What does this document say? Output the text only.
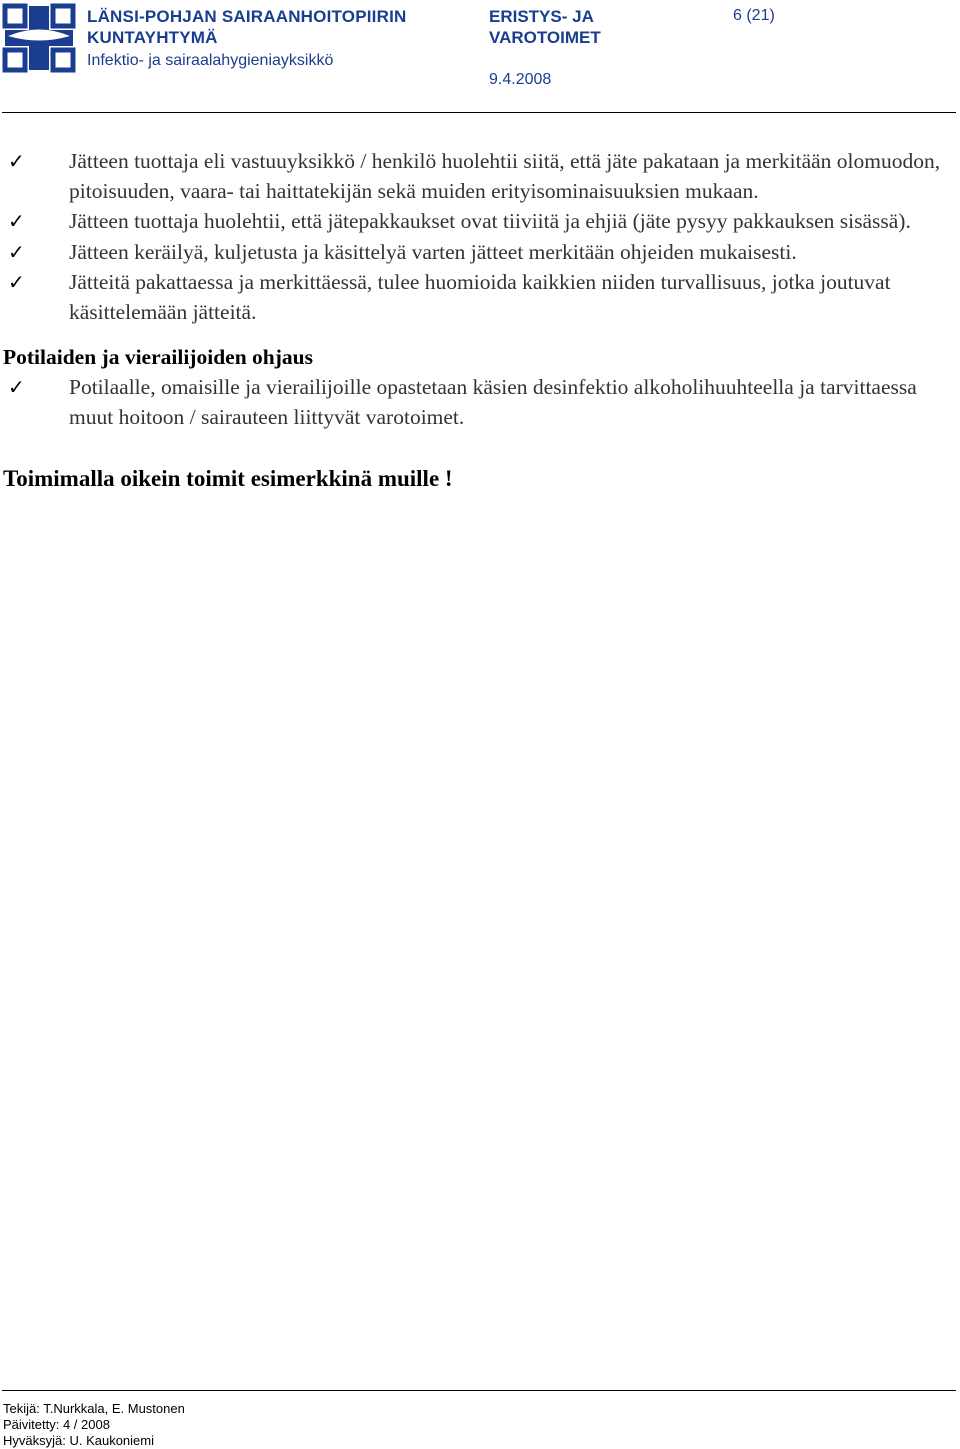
LÄNSI-POHJAN SAIRAANHOITOPIIRIN
KUNTAYHTYMÄ
Infektio- ja sairaalahygieniayksikkö
ERISTYS- JA
VAROTOIMET
9.4.2008
6 (21)
✓ Jätteen tuottaja eli vastuuyksikkö / henkilö huolehtii siitä, että jäte pakataan ja merkitään olomuodon, pitoisuuden, vaara- tai haittatekijän sekä muiden erityisominaisuuksien mukaan.
✓ Jätteen tuottaja huolehtii, että jätepakkaukset ovat tiiviitä ja ehjiä (jäte pysyy pakkauksen sisässä).
✓ Jätteen keräilyä, kuljetusta ja käsittelyä varten jätteet merkitään ohjeiden mukaisesti.
✓ Jätteitä pakattaessa ja merkittäessä, tulee huomioida kaikkien niiden turvallisuus, jotka joutuvat käsittelemään jätteitä.
Potilaiden ja vierailijoiden ohjaus
✓ Potilaalle, omaisille ja vierailijoille opastetaan käsien desinfektio alkoholihuuhteella ja tarvittaessa muut hoitoon / sairauteen liittyvät varotoimet.
Toimimalla oikein toimit esimerkkinä muille !
Tekijä: T.Nurkkala, E. Mustonen
Päivitetty: 4 / 2008
Hyväksyjä: U. Kaukoniemi
